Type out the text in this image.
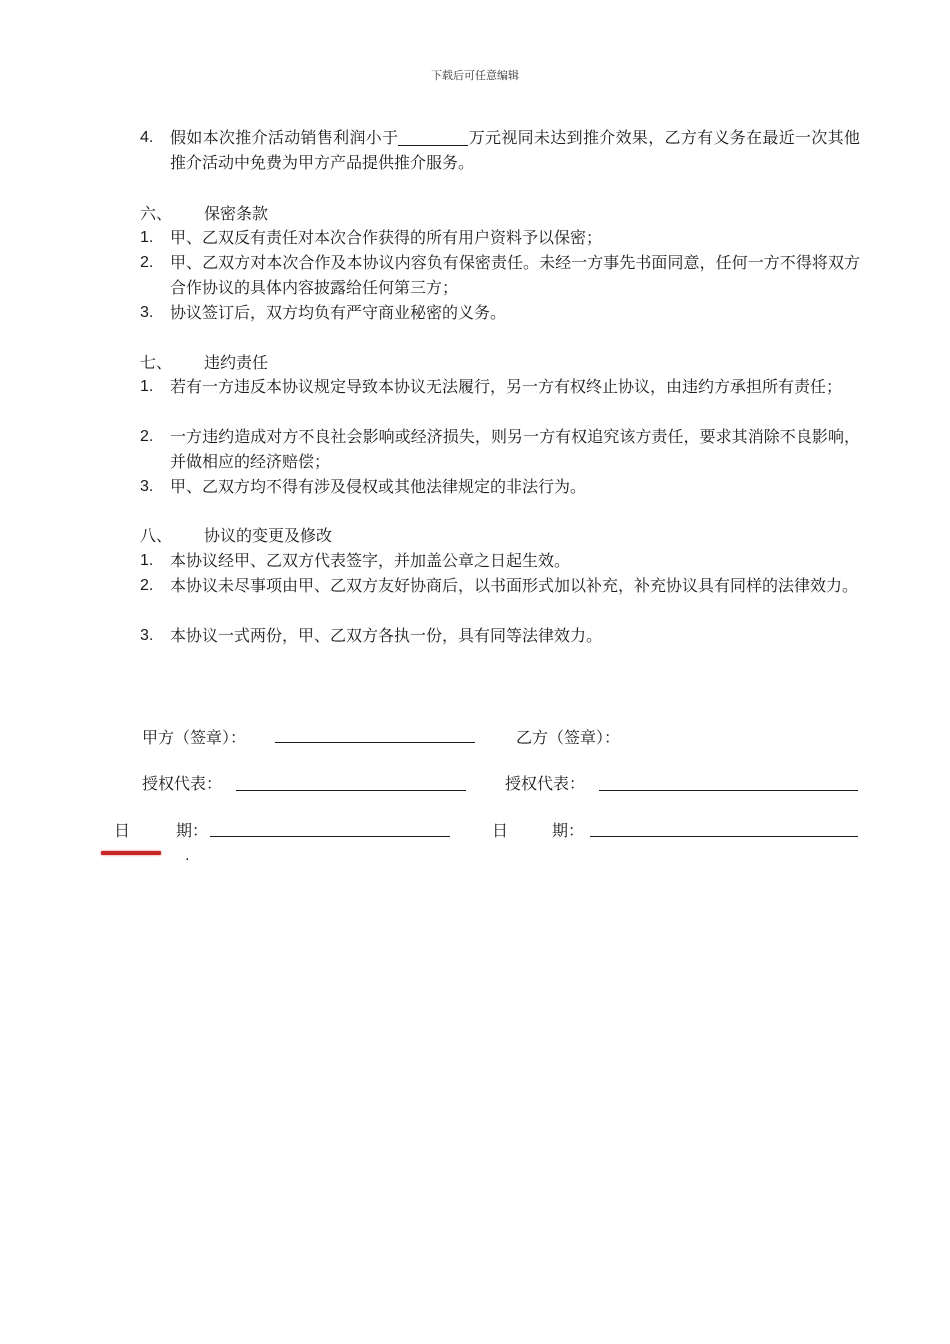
下载后可任意编辑
4.	假如本次推介活动销售利润小于	万元视同未达到推介效果，乙方有义务在最近一次其他推介活动中免费为甲方产品提供推介服务。
六、 保密条款
1.	甲、乙双反有责任对本次合作获得的所有用户资料予以保密；
2.	甲、乙双方对本次合作及本协议内容负有保密责任。未经一方事先书面同意，任何一方不得将双方合作协议的具体内容披露给任何第三方；
3.	协议签订后，双方均负有严守商业秘密的义务。
七、 违约责任
1.	若有一方违反本协议规定导致本协议无法履行，另一方有权终止协议，由违约方承担所有责任；
2.	一方违约造成对方不良社会影响或经济损失，则另一方有权追究该方责任，要求其消除不良影响，并做相应的经济赔偿；
3.	甲、乙双方均不得有涉及侵权或其他法律规定的非法行为。
八、 协议的变更及修改
1.	本协议经甲、乙双方代表签字，并加盖公章之日起生效。
2.	本协议未尽事项由甲、乙双方友好协商后，以书面形式加以补充，补充协议具有同样的法律效力。
3.	本协议一式两份，甲、乙双方各执一份，具有同等法律效力。
甲方（签章）：	乙方（签章）：
授权代表：	授权代表：
日	期：	日	期：
.
